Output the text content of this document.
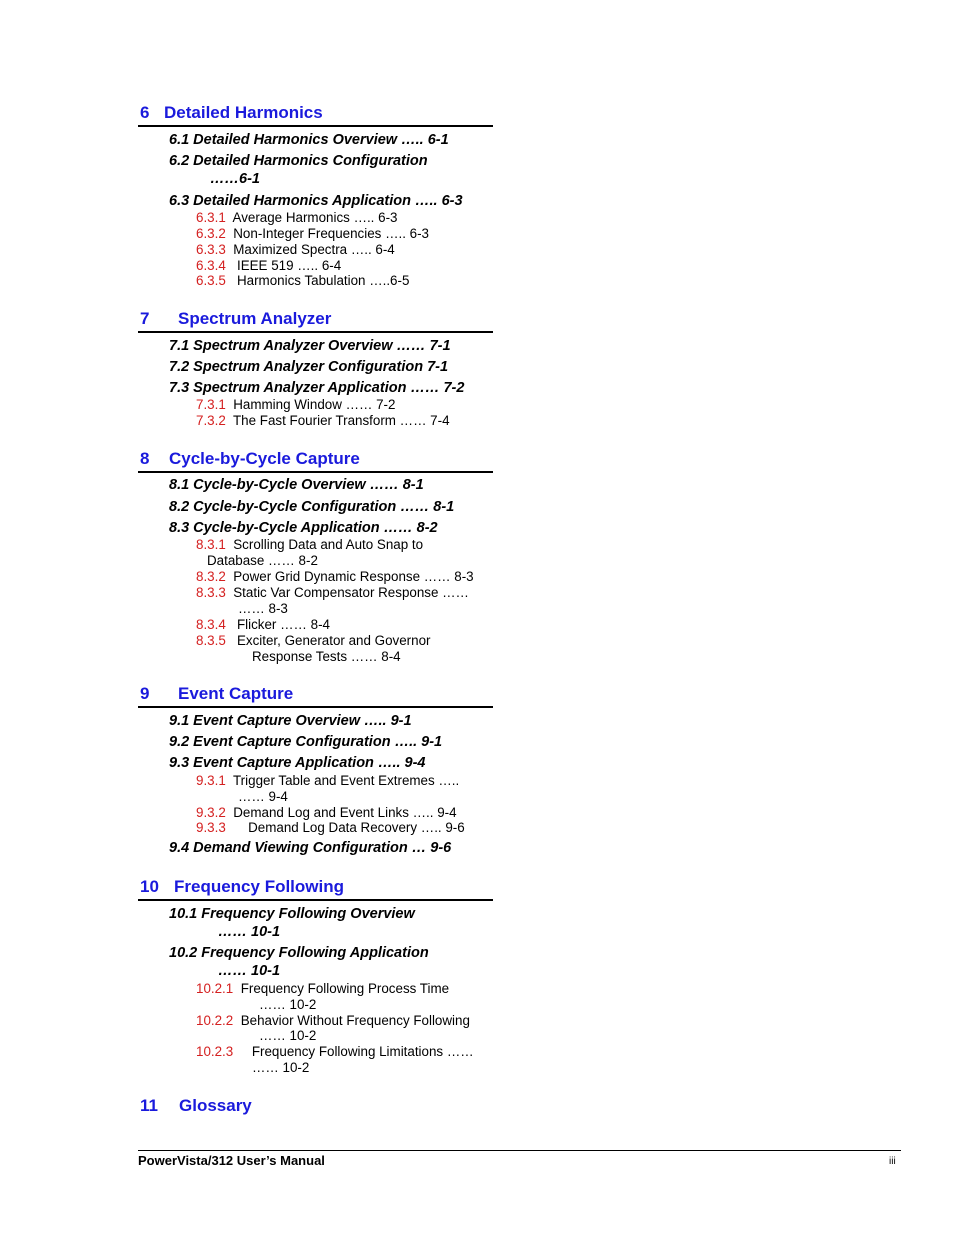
6 Detailed Harmonics
6.1 Detailed Harmonics Overview ….. 6-1
6.2 Detailed Harmonics Configuration
……6-1
6.3 Detailed Harmonics Application ….. 6-3
6.3.1 Average Harmonics ….. 6-3
6.3.2 Non-Integer Frequencies ….. 6-3
6.3.3 Maximized Spectra ….. 6-4
6.3.4 IEEE 519 ….. 6-4
6.3.5 Harmonics Tabulation …..6-5
7 Spectrum Analyzer
7.1 Spectrum Analyzer Overview …… 7-1
7.2 Spectrum Analyzer Configuration 7-1
7.3 Spectrum Analyzer Application …… 7-2
7.3.1 Hamming Window …… 7-2
7.3.2 The Fast Fourier Transform …… 7-4
8 Cycle-by-Cycle Capture
8.1 Cycle-by-Cycle Overview …… 8-1
8.2 Cycle-by-Cycle Configuration …… 8-1
8.3 Cycle-by-Cycle Application …… 8-2
8.3.1 Scrolling Data and Auto Snap to
Database …… 8-2
8.3.2 Power Grid Dynamic Response …… 8-3
8.3.3 Static Var Compensator Response ……
…… 8-3
8.3.4 Flicker …… 8-4
8.3.5 Exciter, Generator and Governor
Response Tests …… 8-4
9 Event Capture
9.1 Event Capture Overview ….. 9-1
9.2 Event Capture Configuration ….. 9-1
9.3 Event Capture Application ….. 9-4
9.3.1 Trigger Table and Event Extremes …..
…… 9-4
9.3.2 Demand Log and Event Links ….. 9-4
9.3.3 Demand Log Data Recovery ….. 9-6
9.4 Demand Viewing Configuration … 9-6
10 Frequency Following
10.1 Frequency Following Overview
…… 10-1
10.2 Frequency Following Application
…… 10-1
10.2.1 Frequency Following Process Time
…… 10-2
10.2.2 Behavior Without Frequency Following
…… 10-2
10.2.3 Frequency Following Limitations ……
…… 10-2
11 Glossary
PowerVista/312 User’s Manual	iii
